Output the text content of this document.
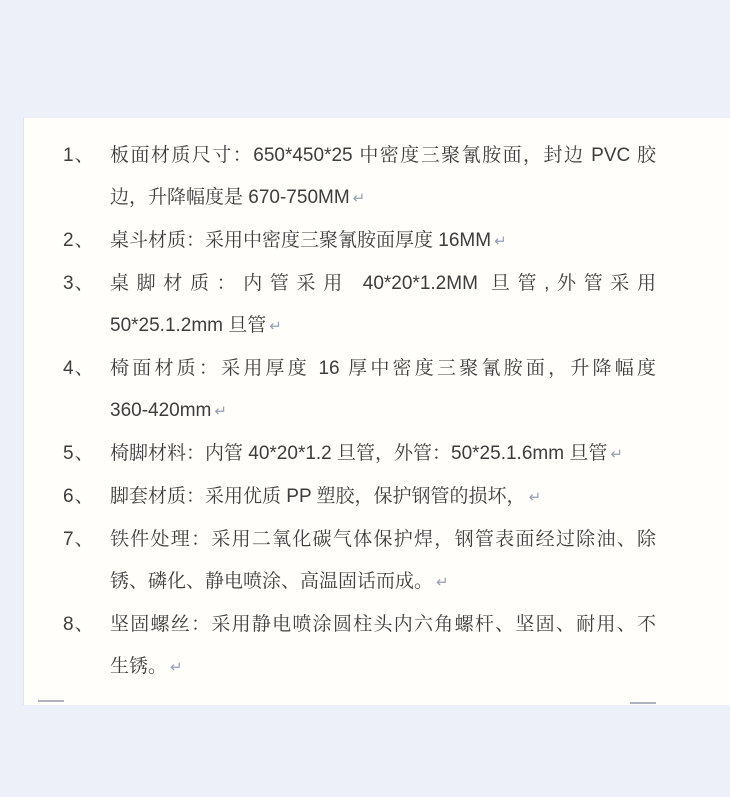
1、 板面材质尺寸：650*450*25 中密度三聚氰胺面，封边 PVC 胶
边，升降幅度是 670-750MM ↵
2、 桌斗材质：采用中密度三聚氰胺面厚度 16MM ↵
3、 桌脚材质：内管采用 40*20*1.2MM 旦管,外管采用
50*25.1.2mm 旦管 ↵
4、 椅面材质：采用厚度 16 厚中密度三聚氰胺面，升降幅度
360-420mm ↵
5、 椅脚材料：内管 40*20*1.2 旦管，外管：50*25.1.6mm 旦管 ↵
6、 脚套材质：采用优质 PP 塑胶，保护钢管的损坏， ↵
7、 铁件处理：采用二氧化碳气体保护焊，钢管表面经过除油、除
锈、磷化、静电喷涂、高温固话而成。 ↵
8、 坚固螺丝：采用静电喷涂圆柱头内六角螺杆、坚固、耐用、不
生锈。 ↵
